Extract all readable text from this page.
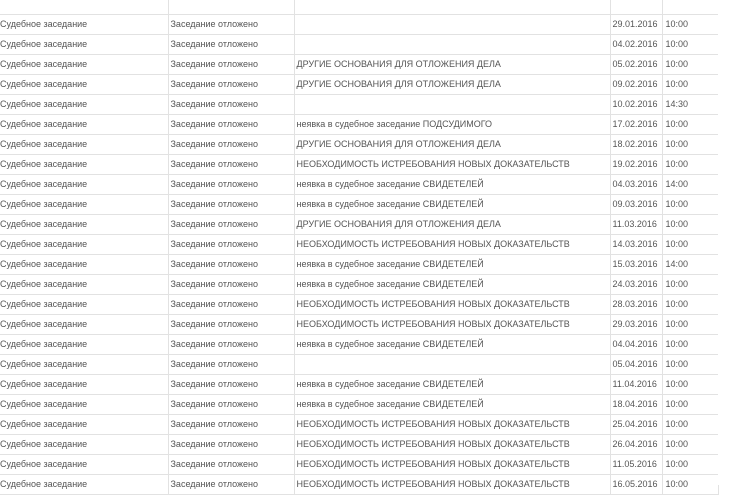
Судебное заседание	Заседание отложено		29.01.2016	10:00
Судебное заседание	Заседание отложено		04.02.2016	10:00
Судебное заседание	Заседание отложено	ДРУГИЕ ОСНОВАНИЯ ДЛЯ ОТЛОЖЕНИЯ ДЕЛА	05.02.2016	10:00
Судебное заседание	Заседание отложено	ДРУГИЕ ОСНОВАНИЯ ДЛЯ ОТЛОЖЕНИЯ ДЕЛА	09.02.2016	10:00
Судебное заседание	Заседание отложено		10.02.2016	14:30
Судебное заседание	Заседание отложено	неявка в судебное заседание ПОДСУДИМОГО	17.02.2016	10:00
Судебное заседание	Заседание отложено	ДРУГИЕ ОСНОВАНИЯ ДЛЯ ОТЛОЖЕНИЯ ДЕЛА	18.02.2016	10:00
Судебное заседание	Заседание отложено	НЕОБХОДИМОСТЬ ИСТРЕБОВАНИЯ НОВЫХ ДОКАЗАТЕЛЬСТВ	19.02.2016	10:00
Судебное заседание	Заседание отложено	неявка в судебное заседание СВИДЕТЕЛЕЙ	04.03.2016	14:00
Судебное заседание	Заседание отложено	неявка в судебное заседание СВИДЕТЕЛЕЙ	09.03.2016	10:00
Судебное заседание	Заседание отложено	ДРУГИЕ ОСНОВАНИЯ ДЛЯ ОТЛОЖЕНИЯ ДЕЛА	11.03.2016	10:00
Судебное заседание	Заседание отложено	НЕОБХОДИМОСТЬ ИСТРЕБОВАНИЯ НОВЫХ ДОКАЗАТЕЛЬСТВ	14.03.2016	10:00
Судебное заседание	Заседание отложено	неявка в судебное заседание СВИДЕТЕЛЕЙ	15.03.2016	14:00
Судебное заседание	Заседание отложено	неявка в судебное заседание СВИДЕТЕЛЕЙ	24.03.2016	10:00
Судебное заседание	Заседание отложено	НЕОБХОДИМОСТЬ ИСТРЕБОВАНИЯ НОВЫХ ДОКАЗАТЕЛЬСТВ	28.03.2016	10:00
Судебное заседание	Заседание отложено	НЕОБХОДИМОСТЬ ИСТРЕБОВАНИЯ НОВЫХ ДОКАЗАТЕЛЬСТВ	29.03.2016	10:00
Судебное заседание	Заседание отложено	неявка в судебное заседание СВИДЕТЕЛЕЙ	04.04.2016	10:00
Судебное заседание	Заседание отложено		05.04.2016	10:00
Судебное заседание	Заседание отложено	неявка в судебное заседание СВИДЕТЕЛЕЙ	11.04.2016	10:00
Судебное заседание	Заседание отложено	неявка в судебное заседание СВИДЕТЕЛЕЙ	18.04.2016	10:00
Судебное заседание	Заседание отложено	НЕОБХОДИМОСТЬ ИСТРЕБОВАНИЯ НОВЫХ ДОКАЗАТЕЛЬСТВ	25.04.2016	10:00
Судебное заседание	Заседание отложено	НЕОБХОДИМОСТЬ ИСТРЕБОВАНИЯ НОВЫХ ДОКАЗАТЕЛЬСТВ	26.04.2016	10:00
Судебное заседание	Заседание отложено	НЕОБХОДИМОСТЬ ИСТРЕБОВАНИЯ НОВЫХ ДОКАЗАТЕЛЬСТВ	11.05.2016	10:00
Судебное заседание	Заседание отложено	НЕОБХОДИМОСТЬ ИСТРЕБОВАНИЯ НОВЫХ ДОКАЗАТЕЛЬСТВ	16.05.2016	10:00
